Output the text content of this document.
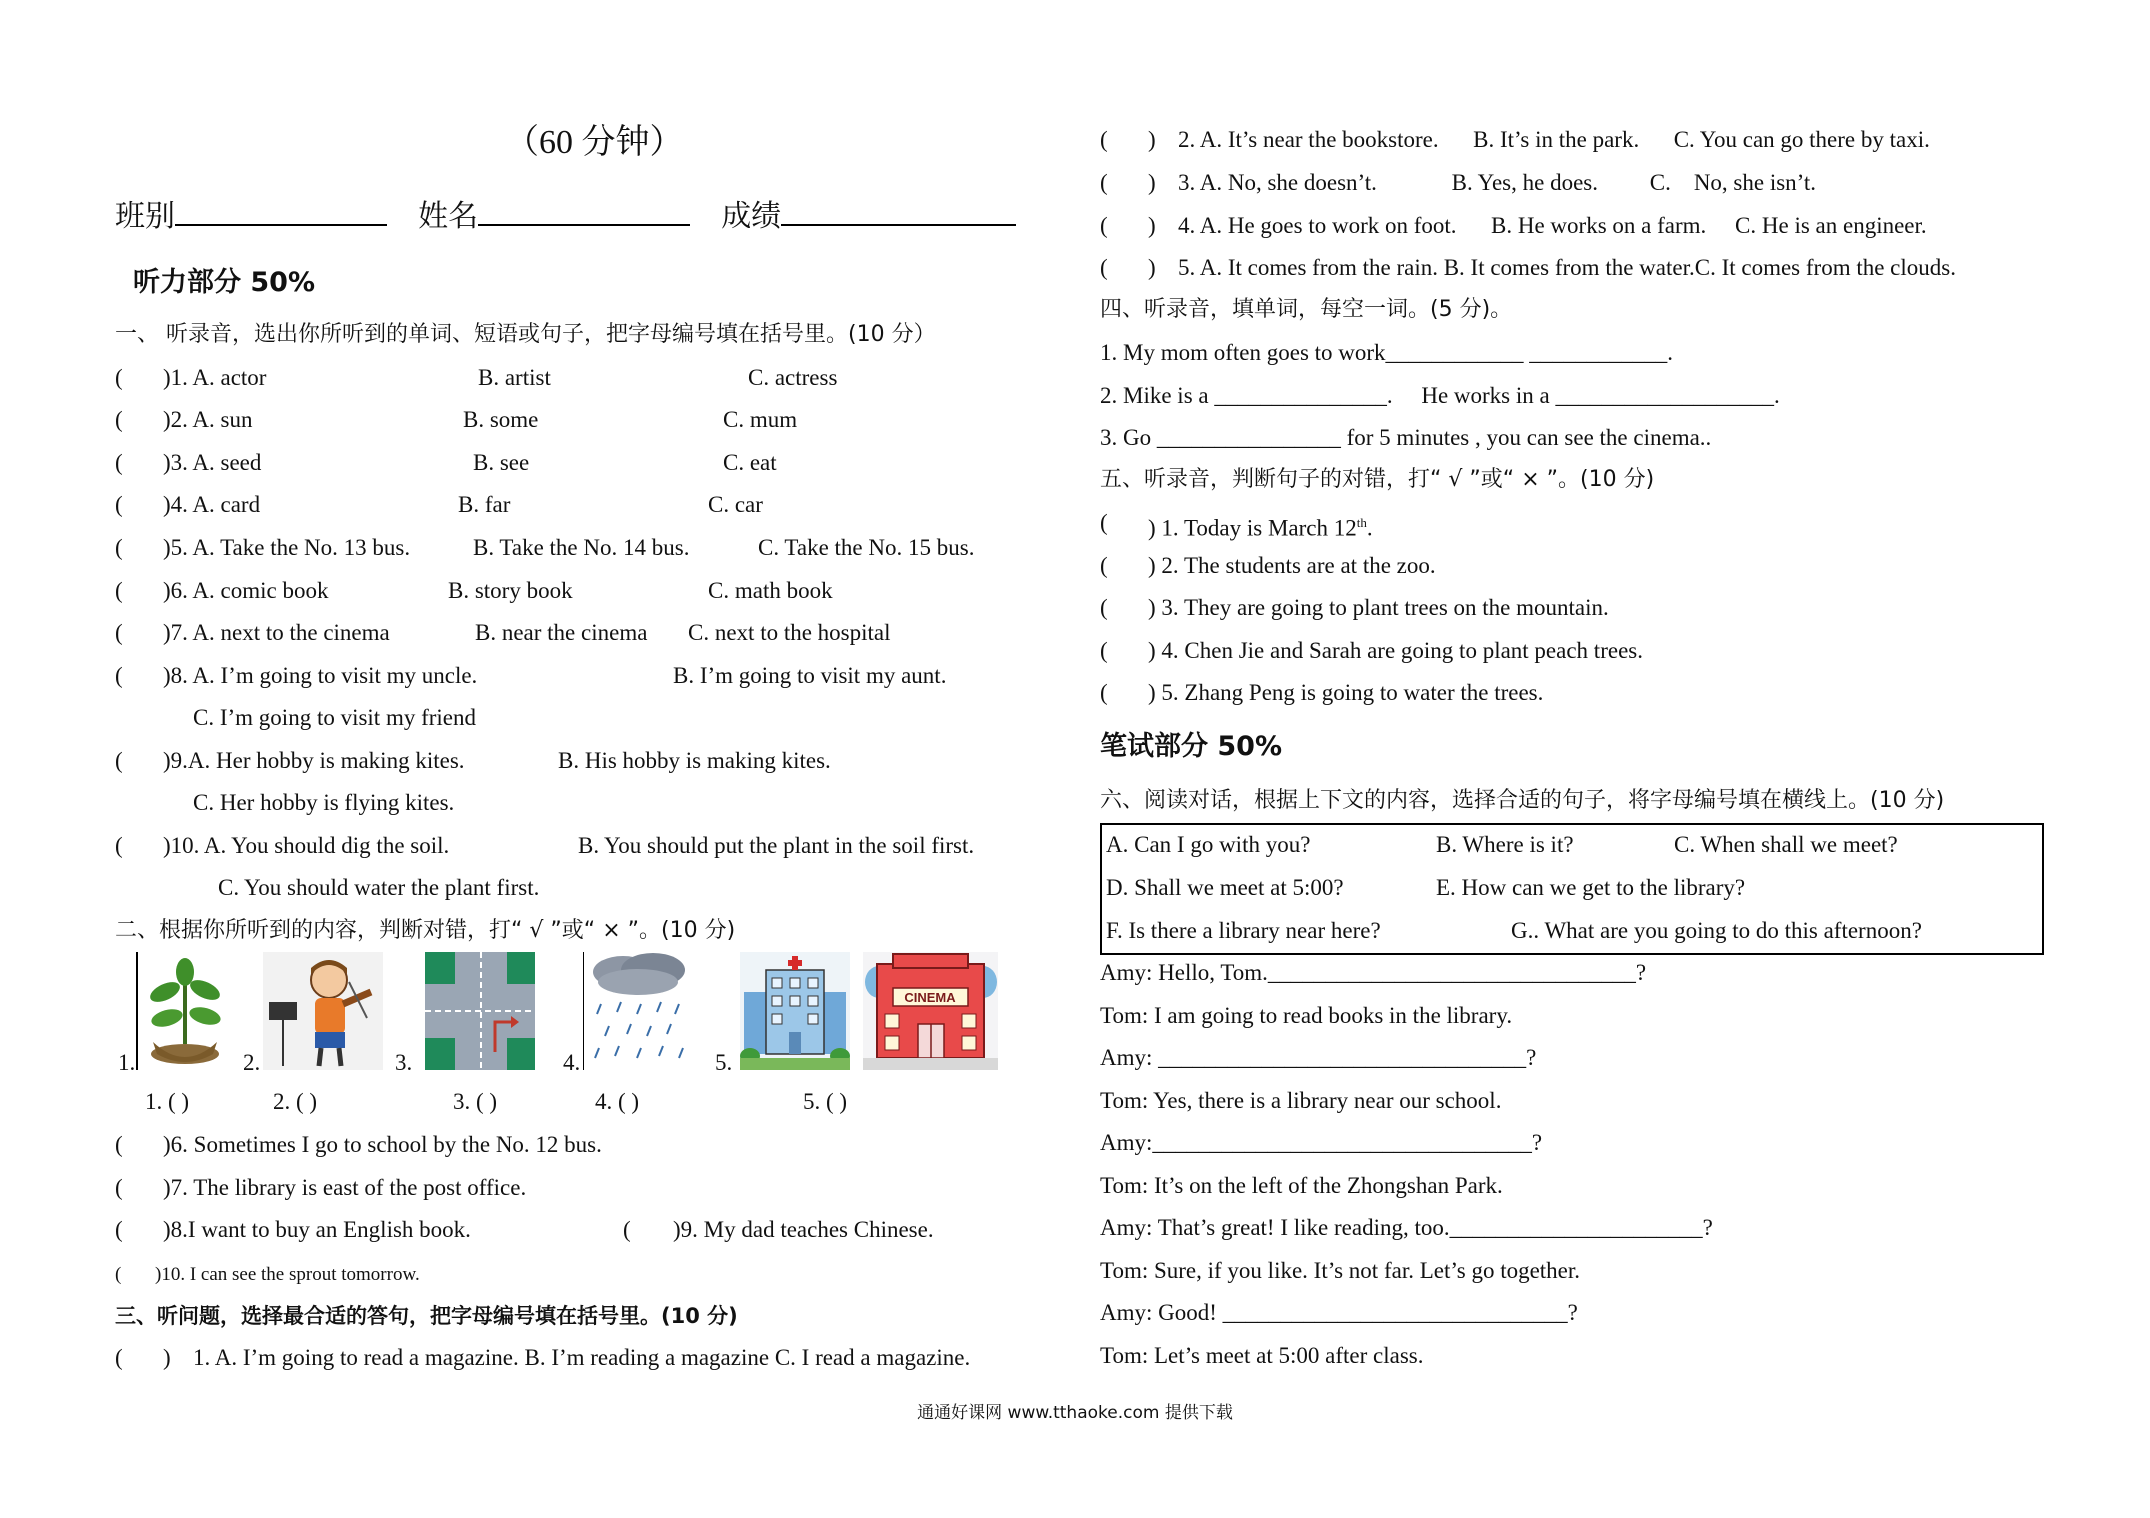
（60 分钟）
班别	姓名	成绩
听力部分 50%
一、 听录音，选出你所听到的单词、短语或句子，把字母编号填在括号里。(10 分）
( )1. A. actor	B. artist	C. actress
( )2. A. sun	B. some	C. mum
( )3. A. seed	B. see	C. eat
( )4. A. card	B. far	C. car
( )5. A. Take the No. 13 bus.	B. Take the No. 14 bus.	C. Take the No. 15 bus.
( )6. A. comic book	B. story book	C. math book
( )7. A. next to the cinema	B. near the cinema C. next to the hospital
( )8. A. I’m going to visit my uncle.	B. I’m going to visit my aunt.
C. I’m going to visit my friend
( )9.A. Her hobby is making kites.	B. His hobby is making kites.
C. Her hobby is flying kites.
( )10. A. You should dig the soil.	B. You should put the plant in the soil first.
C. You should water the plant first.
二、根据你所听到的内容，判断对错，打“ √ ”或“ × ”。(10 分)
1.	2.	3.	4.	5.
CINEMA
1. ( )	2. ( )	3. ( )	4. ( )	5. ( )
( )6. Sometimes I go to school by the No. 12 bus.
( )7. The library is east of the post office.
( )8.I want to buy an English book.	( )9. My dad teaches Chinese.
( )10. I can see the sprout tomorrow.
三、听问题，选择最合适的答句，把字母编号填在括号里。(10 分)
( ) 1. A. I’m going to read a magazine. B. I’m reading a magazine C. I read a magazine.
( ) 2. A. It’s near the bookstore.      B. It’s in the park.      C. You can go there by taxi.
( ) 3. A. No, she doesn’t.             B. Yes, he does.         C.    No, she isn’t.
( ) 4. A. He goes to work on foot.      B. He works on a farm.     C. He is an engineer.
( ) 5. A. It comes from the rain. B. It comes from the water.C. It comes from the clouds.
四、听录音，填单词，每空一词。(5 分)。
1. My mom often goes to work____________ ____________.
2. Mike is a _______________.     He works in a ___________________.
3. Go ________________ for 5 minutes , you can see the cinema..
五、听录音，判断句子的对错，打“ √ ”或“ × ”。(10 分)
( ) 1. Today is March 12th.
( ) 2. The students are at the zoo.
( ) 3. They are going to plant trees on the mountain.
( ) 4. Chen Jie and Sarah are going to plant peach trees.
( ) 5. Zhang Peng is going to water the trees.
笔试部分 50%
六、阅读对话，根据上下文的内容，选择合适的句子，将字母编号填在横线上。(10 分)
A. Can I go with you?	B. Where is it?	C. When shall we meet?
D. Shall we meet at 5:00?	E. How can we get to the library?
F. Is there a library near here?	G.. What are you going to do this afternoon?
Amy: Hello, Tom.________________________________?
Tom: I am going to read books in the library.
Amy: ________________________________?
Tom: Yes, there is a library near our school.
Amy:_________________________________?
Tom: It’s on the left of the Zhongshan Park.
Amy: That’s great! I like reading, too.______________________?
Tom: Sure, if you like. It’s not far. Let’s go together.
Amy: Good! ______________________________?
Tom: Let’s meet at 5:00 after class.
通通好课网 www.tthaoke.com 提供下载
